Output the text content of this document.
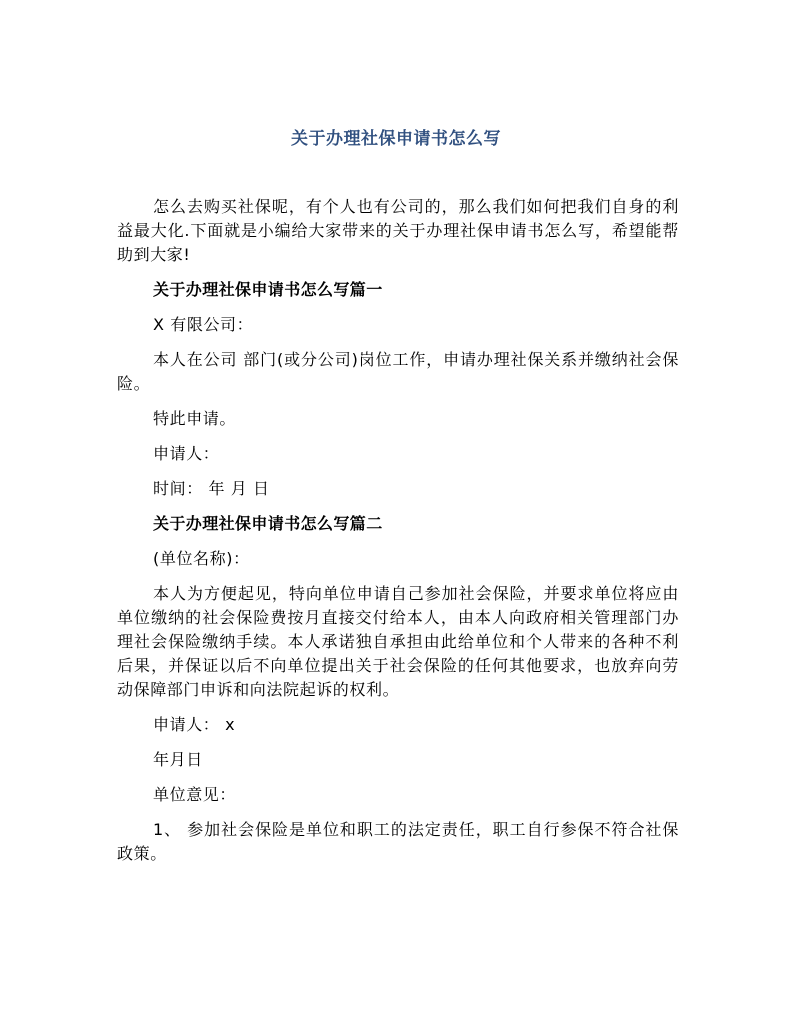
关于办理社保申请书怎么写

怎么去购买社保呢，有个人也有公司的，那么我们如何把我们自身的利益最大化.下面就是小编给大家带来的关于办理社保申请书怎么写，希望能帮助到大家!

关于办理社保申请书怎么写篇一

X 有限公司：

本人在公司 部门(或分公司)岗位工作，申请办理社保关系并缴纳社会保险。

特此申请。

申请人：

时间： 年 月 日

关于办理社保申请书怎么写篇二

(单位名称)：

本人为方便起见，特向单位申请自己参加社会保险，并要求单位将应由单位缴纳的社会保险费按月直接交付给本人，由本人向政府相关管理部门办理社会保险缴纳手续。本人承诺独自承担由此给单位和个人带来的各种不利后果，并保证以后不向单位提出关于社会保险的任何其他要求，也放弃向劳动保障部门申诉和向法院起诉的权利。

申请人： x

年月日

单位意见：

1、 参加社会保险是单位和职工的法定责任，职工自行参保不符合社保政策。
